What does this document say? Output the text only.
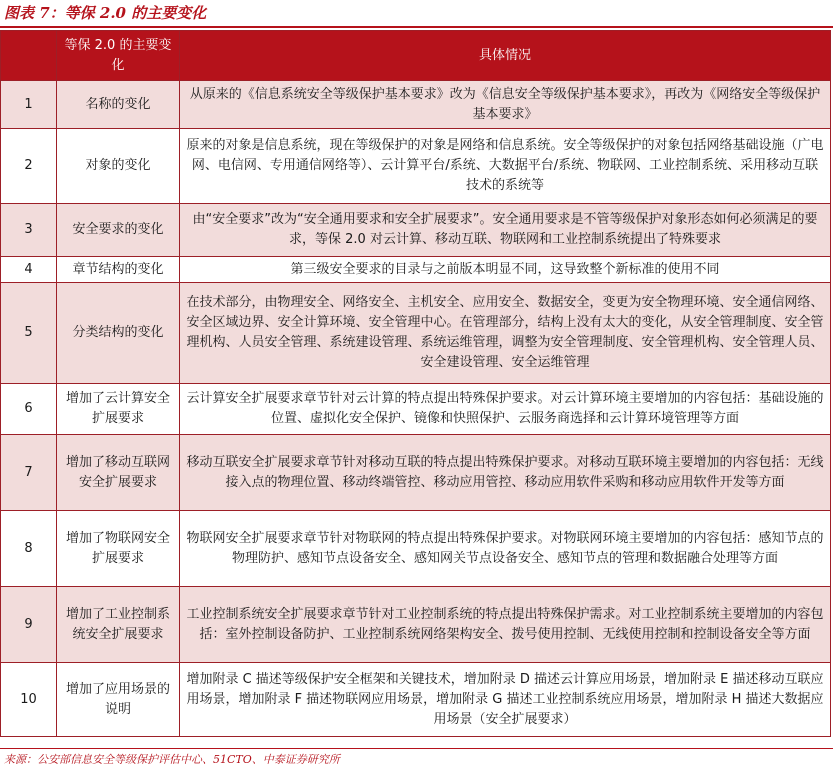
图表 7：等保 2.0 的主要变化
	等保 2.0 的主要变化	具体情况
1	名称的变化	从原来的《信息系统安全等级保护基本要求》改为《信息安全等级保护基本要求》，再改为《网络安全等级保护基本要求》
2	对象的变化	原来的对象是信息系统，现在等级保护的对象是网络和信息系统。安全等级保护的对象包括网络基础设施（广电网、电信网、专用通信网络等）、云计算平台/系统、大数据平台/系统、物联网、工业控制系统、采用移动互联技术的系统等
3	安全要求的变化	由“安全要求”改为“安全通用要求和安全扩展要求”。安全通用要求是不管等级保护对象形态如何必须满足的要求，等保 2.0 对云计算、移动互联、物联网和工业控制系统提出了特殊要求
4	章节结构的变化	第三级安全要求的目录与之前版本明显不同，这导致整个新标准的使用不同
5	分类结构的变化	在技术部分，由物理安全、网络安全、主机安全、应用安全、数据安全，变更为安全物理环境、安全通信网络、安全区域边界、安全计算环境、安全管理中心。在管理部分，结构上没有太大的变化，从安全管理制度、安全管理机构、人员安全管理、系统建设管理、系统运维管理，调整为安全管理制度、安全管理机构、安全管理人员、安全建设管理、安全运维管理
6	增加了云计算安全扩展要求	云计算安全扩展要求章节针对云计算的特点提出特殊保护要求。对云计算环境主要增加的内容包括：基础设施的位置、虚拟化安全保护、镜像和快照保护、云服务商选择和云计算环境管理等方面
7	增加了移动互联网安全扩展要求	移动互联安全扩展要求章节针对移动互联的特点提出特殊保护要求。对移动互联环境主要增加的内容包括：无线接入点的物理位置、移动终端管控、移动应用管控、移动应用软件采购和移动应用软件开发等方面
8	增加了物联网安全扩展要求	物联网安全扩展要求章节针对物联网的特点提出特殊保护要求。对物联网环境主要增加的内容包括：感知节点的物理防护、感知节点设备安全、感知网关节点设备安全、感知节点的管理和数据融合处理等方面
9	增加了工业控制系统安全扩展要求	工业控制系统安全扩展要求章节针对工业控制系统的特点提出特殊保护需求。对工业控制系统主要增加的内容包括：室外控制设备防护、工业控制系统网络架构安全、拨号使用控制、无线使用控制和控制设备安全等方面
10	增加了应用场景的说明	增加附录 C 描述等级保护安全框架和关键技术，增加附录 D 描述云计算应用场景，增加附录 E 描述移动互联应用场景，增加附录 F 描述物联网应用场景，增加附录 G 描述工业控制系统应用场景，增加附录 H 描述大数据应用场景（安全扩展要求）
来源：公安部信息安全等级保护评估中心、51CTO、中泰证券研究所
